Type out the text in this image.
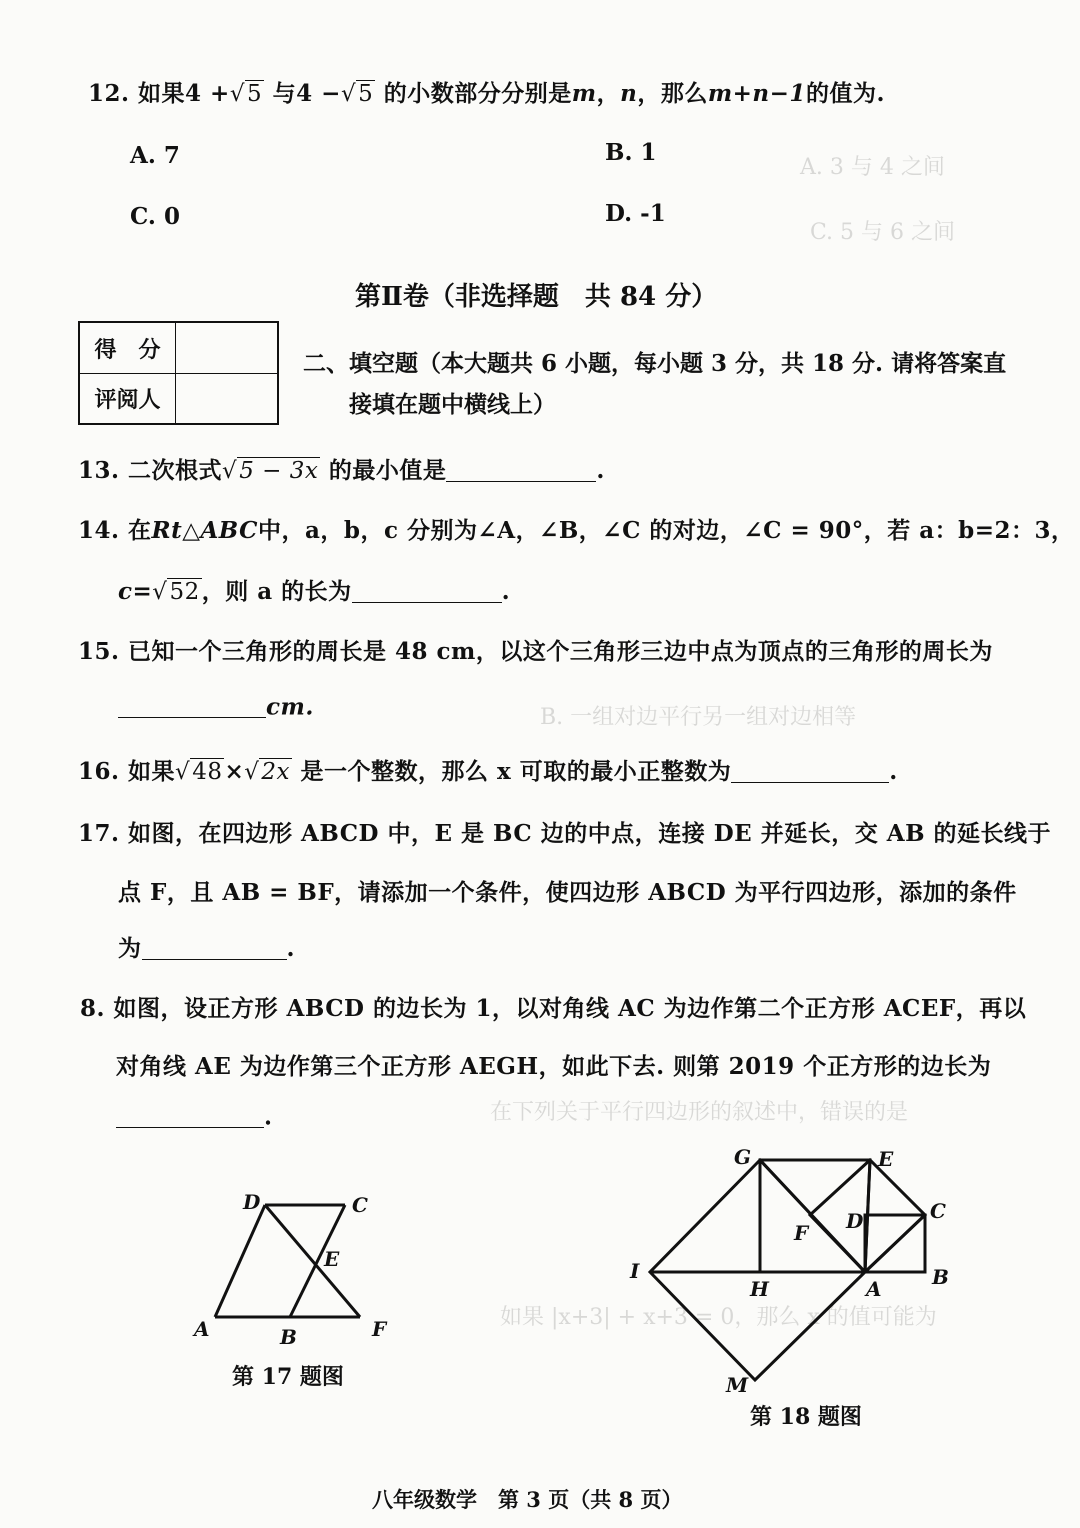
A. 3 与 4 之间
C. 5 与 6 之间
B. 一组对边平行另一组对边相等
在下列关于平行四边形的叙述中，错误的是
如果 |x+3| + x+3 = 0，那么 x 的值可能为
12. 如果4 +√5 与4 −√5 的小数部分分别是m，n，那么m+n−1的值为.
A. 7	B. 1
C. 0	D. -1
第Ⅱ卷（非选择题　共 84 分）
得　分
评阅人
二、填空题（本大题共 6 小题，每小题 3 分，共 18 分. 请将答案直
接填在题中横线上）
13. 二次根式√5 − 3x 的最小值是	.
14. 在Rt△ABC中，a，b，c 分别为∠A，∠B，∠C 的对边，∠C = 90°，若 a：b=2：3，
c=√52，则 a 的长为	.
15. 已知一个三角形的周长是 48 cm，以这个三角形三边中点为顶点的三角形的周长为
cm.
16. 如果√48×√2x 是一个整数，那么 x 可取的最小正整数为	.
17. 如图，在四边形 ABCD 中，E 是 BC 边的中点，连接 DE 并延长，交 AB 的延长线于
点 F，且 AB = BF，请添加一个条件，使四边形 ABCD 为平行四边形，添加的条件
为	.
8. 如图，设正方形 ABCD 的边长为 1，以对角线 AC 为边作第二个正方形 ACEF，再以
对角线 AE 为边作第三个正方形 AEGH，如此下去. 则第 2019 个正方形的边长为
.
D	C
E
A	B	F
第 17 题图
G	E
C
D
F
I
H	A	B
M
第 18 题图
八年级数学　第 3 页（共 8 页）
